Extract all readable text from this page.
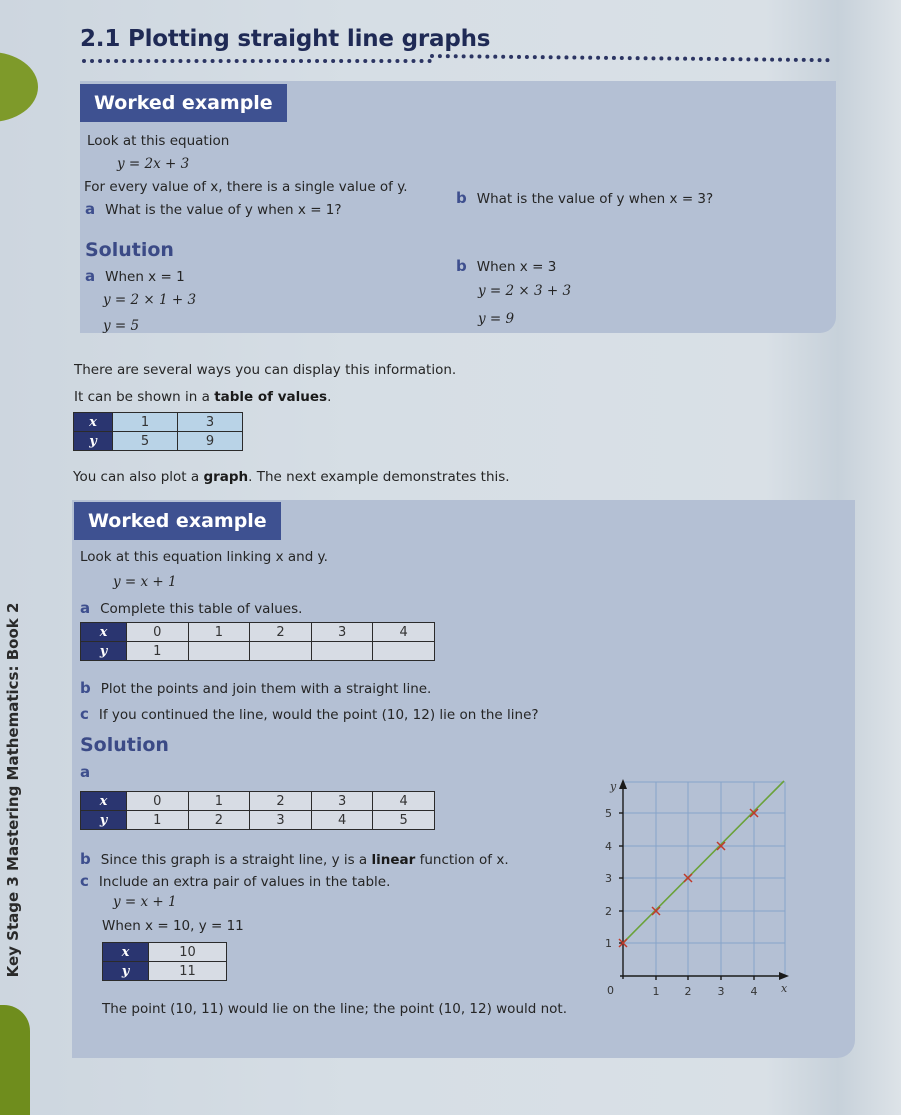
Key Stage 3 Mastering Mathematics: Book 2
2.1 Plotting straight line graphs
Worked example
Look at this equation
y = 2x + 3
For every value of x, there is a single value of y.
a What is the value of y when x = 1?
b What is the value of y when x = 3?
Solution
a When x = 1
y = 2 × 1 + 3
y = 5
b When x = 3
y = 2 × 3 + 3
y = 9
There are several ways you can display this information.
It can be shown in a table of values.
x	1	3
y	5	9
You can also plot a graph. The next example demonstrates this.
Worked example
Look at this equation linking x and y.
y = x + 1
a Complete this table of values.
x	0	1	2	3	4
y	1				
b Plot the points and join them with a straight line.
c If you continued the line, would the point (10, 12) lie on the line?
Solution
a
x	0	1	2	3	4
y	1	2	3	4	5
b Since this graph is a straight line, y is a linear function of x.
c Include an extra pair of values in the table.
y = x + 1
When x = 10, y = 11
x	10
y	11
The point (10, 11) would lie on the line; the point (10, 12) would not.
1
2
3
4
5
0	1 2 3 4
y
x
